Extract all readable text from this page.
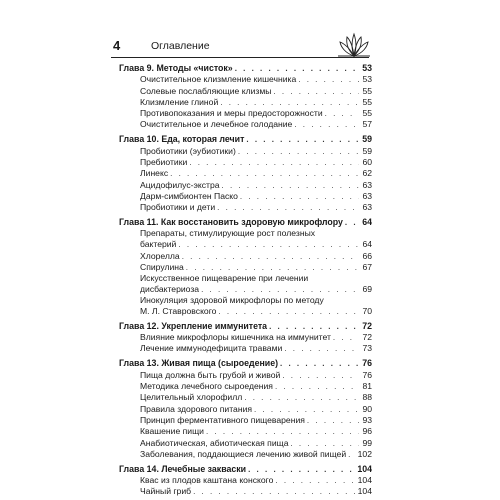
4	Оглавление
Глава 9. Методы «чисток» . . .	53
Очистительное клизмление кишечника . . .	53
Солевые послабляющие клизмы . . .	55
Клизмление глиной . . .	55
Противопоказания и меры предосторожности . . .	55
Очистительное и лечебное голодание . . .	57
Глава 10. Еда, которая лечит . . .	59
Пробиотики (эубиотики) . . .	59
Пребиотики . . .	60
Линекс . . .	62
Ацидофилус-экстра . . .	63
Дарм-симбионтен Паскo . . .	63
Пробиотики и дети . . .	63
Глава 11. Как восстановить здоровую микрофлору . . .	64
Препараты, стимулирующие рост полезных
бактерий . . .	64
Хлорелла . . .	66
Спирулина . . .	67
Искусственное пищеварение при лечении
дисбактериоза . . .	69
Инокуляция здоровой микрофлоры по методу
М. Л. Ставровского . . .	70
Глава 12. Укрепление иммунитета . . .	72
Влияние микрофлоры кишечника на иммунитет . . .	72
Лечение иммунодефицита травами . . .	73
Глава 13. Живая пища (сыроедение) . . .	76
Пища должна быть грубой и живой . . .	76
Методика лечебного сыроедения . . .	81
Целительный хлорофилл . . .	88
Правила здорового питания . . .	90
Принцип ферментативного пищеварения . . .	93
Квашение пищи . . .	96
Анабиотическая, абиотическая пища . . .	99
Заболевания, поддающиеся лечению живой пищей . . .	102
Глава 14. Лечебные закваски . . .	104
Квас из плодов каштана конского . . .	104
Чайный гриб . . .	104
